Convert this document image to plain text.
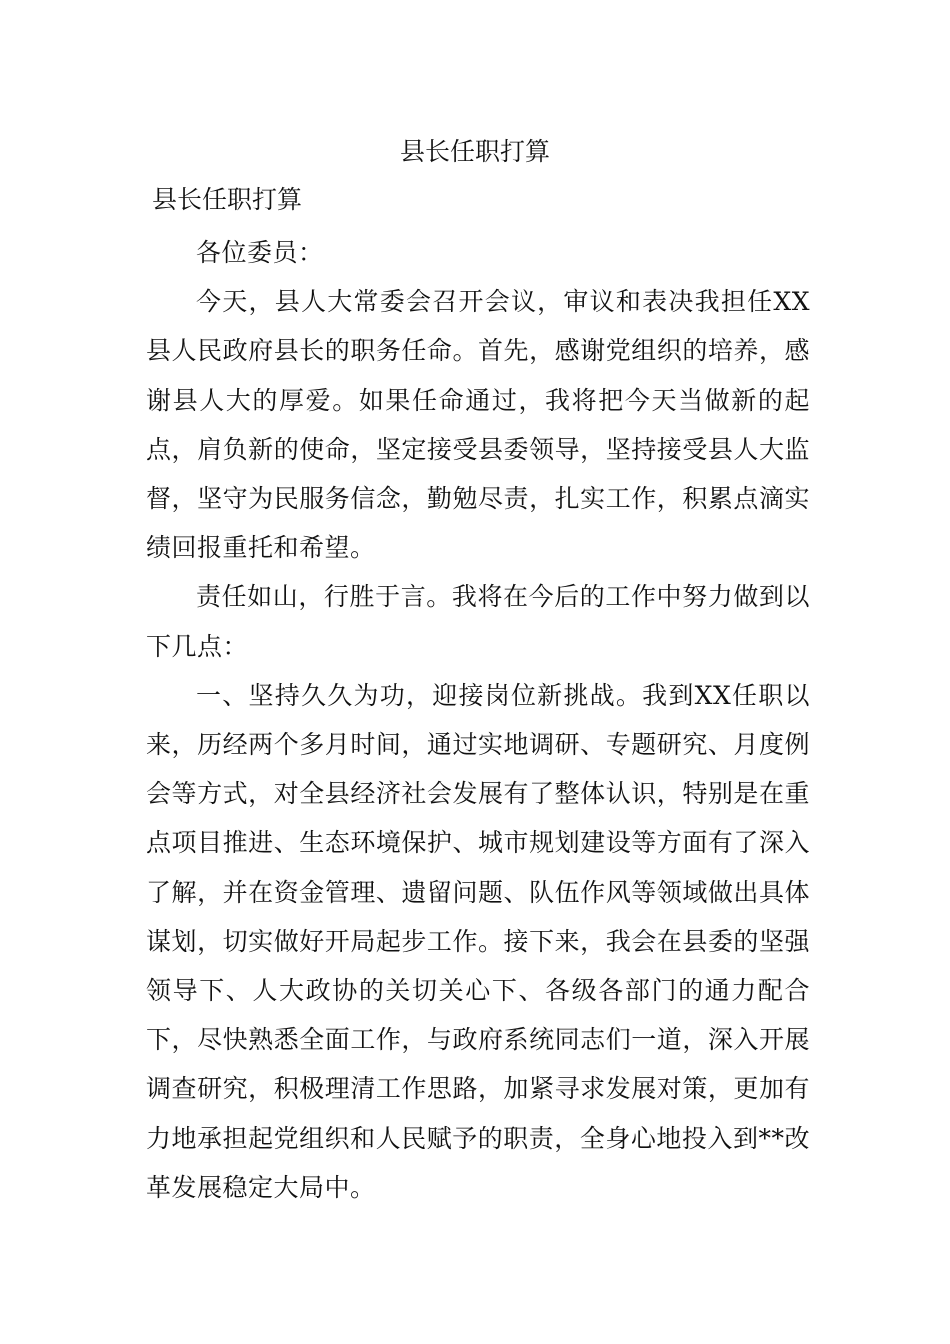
县长任职打算

县长任职打算

各位委员：

今天，县人大常委会召开会议，审议和表决我担任XX县人民政府县长的职务任命。首先，感谢党组织的培养，感谢县人大的厚爱。如果任命通过，我将把今天当做新的起点，肩负新的使命，坚定接受县委领导，坚持接受县人大监督，坚守为民服务信念，勤勉尽责，扎实工作，积累点滴实绩回报重托和希望。

责任如山，行胜于言。我将在今后的工作中努力做到以下几点：

一、坚持久久为功，迎接岗位新挑战。我到XX任职以来，历经两个多月时间，通过实地调研、专题研究、月度例会等方式，对全县经济社会发展有了整体认识，特别是在重点项目推进、生态环境保护、城市规划建设等方面有了深入了解，并在资金管理、遗留问题、队伍作风等领域做出具体谋划，切实做好开局起步工作。接下来，我会在县委的坚强领导下、人大政协的关切关心下、各级各部门的通力配合下，尽快熟悉全面工作，与政府系统同志们一道，深入开展调查研究，积极理清工作思路，加紧寻求发展对策，更加有力地承担起党组织和人民赋予的职责，全身心地投入到**改革发展稳定大局中。
